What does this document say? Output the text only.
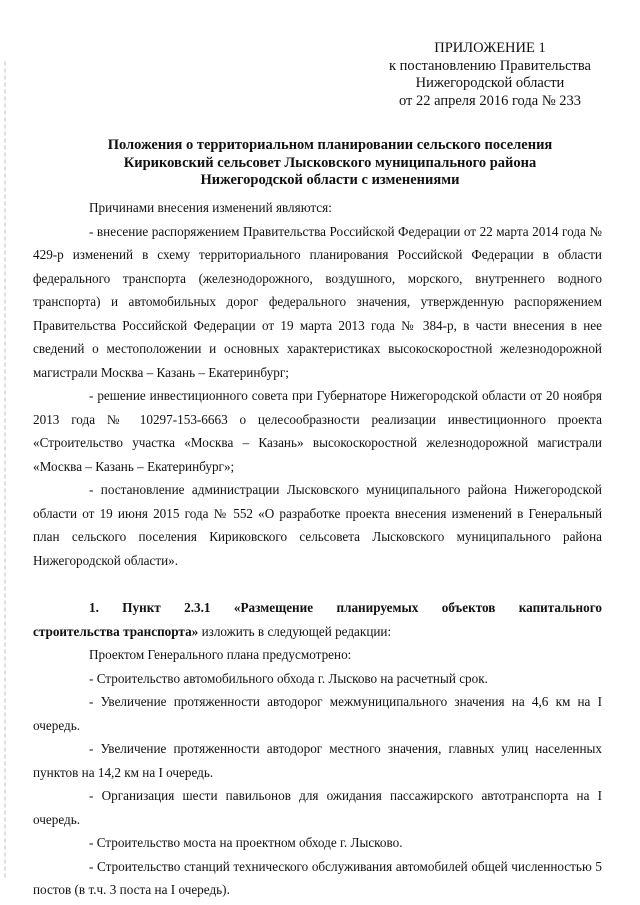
ПРИЛОЖЕНИЕ 1
к постановлению Правительства
Нижегородской области
от 22 апреля 2016 года № 233
Положения о территориальном планировании сельского поселения
Кириковский сельсовет Лысковского муниципального района
Нижегородской области с изменениями

Причинами внесения изменений являются:

- внесение распоряжением Правительства Российской Федерации от 22 марта 2014 года № 429-р изменений в схему территориального планирования Российской Федерации в области федерального транспорта (железнодорожного, воздушного, морского, внутреннего водного транспорта) и автомобильных дорог федерального значения, утвержденную распоряжением Правительства Российской Федерации от 19 марта 2013 года № 384-р, в части внесения в нее сведений о местоположении и основных характеристиках высокоскоростной железнодорожной магистрали Москва – Казань – Екатеринбург;

- решение инвестиционного совета при Губернаторе Нижегородской области от 20 ноября 2013 года № 10297-153-6663 о целесообразности реализации инвестиционного проекта «Строительство участка «Москва – Казань» высокоскоростной железнодорожной магистрали «Москва – Казань – Екатеринбург»;

- постановление администрации Лысковского муниципального района Нижегородской области от 19 июня 2015 года № 552 «О разработке проекта внесения изменений в Генеральный план сельского поселения Кириковского сельсовета Лысковского муниципального района Нижегородской области».

1. Пункт 2.3.1 «Размещение планируемых объектов капитального

строительства транспорта» изложить в следующей редакции:

Проектом Генерального плана предусмотрено:

- Строительство автомобильного обхода г. Лысково на расчетный срок.

- Увеличение протяженности автодорог межмуниципального значения на 4,6 км на I очередь.

- Увеличение протяженности автодорог местного значения, главных улиц населенных пунктов на 14,2 км на I очередь.

- Организация шести павильонов для ожидания пассажирского автотранспорта на I очередь.

- Строительство моста на проектном обходе г. Лысково.

- Строительство станций технического обслуживания автомобилей общей численностью 5 постов (в т.ч. 3 поста на I очередь).
